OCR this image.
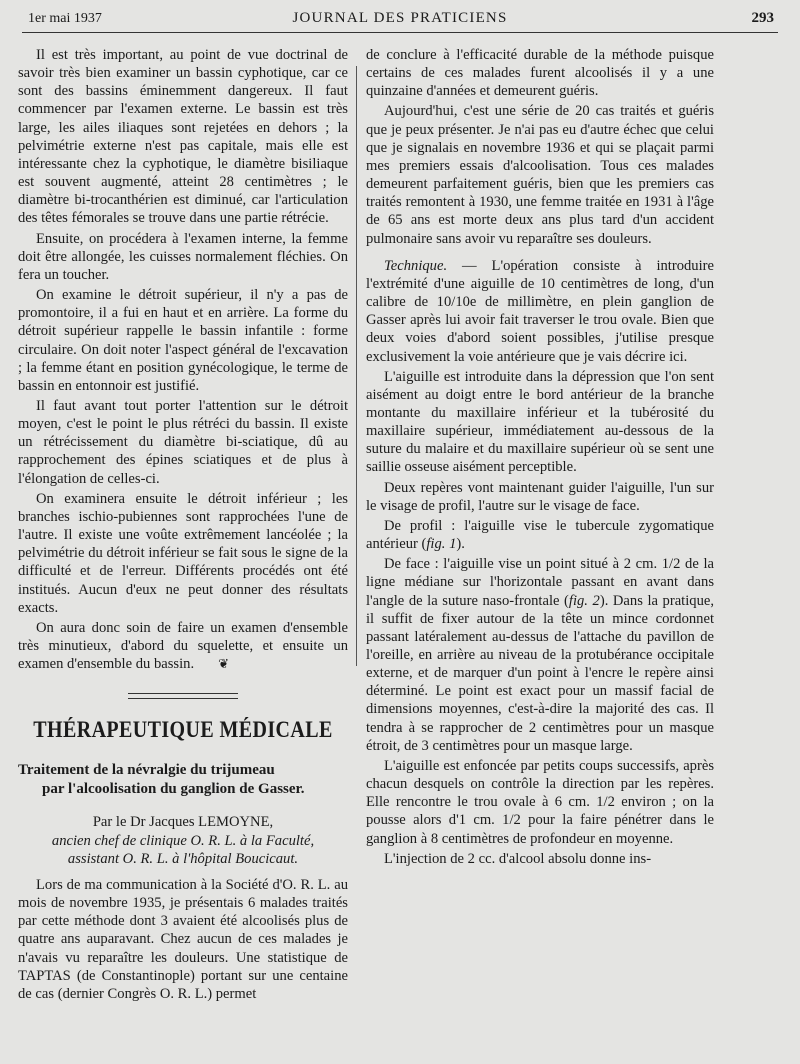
1er mai 1937	JOURNAL DES PRATICIENS	293

Il est très important, au point de vue doctrinal de savoir très bien examiner un bassin cyphotique, car ce sont des bassins éminemment dangereux. Il faut commencer par l'examen externe. Le bassin est très large, les ailes iliaques sont rejetées en dehors ; la pelvimétrie externe n'est pas capitale, mais elle est intéressante chez la cyphotique, le diamètre bisiliaque est souvent augmenté, atteint 28 centimètres ; le diamètre bi-trocanthérien est diminué, car l'articulation des têtes fémorales se trouve dans une partie rétrécie.

Ensuite, on procédera à l'examen interne, la femme doit être allongée, les cuisses normalement fléchies. On fera un toucher.

On examine le détroit supérieur, il n'y a pas de promontoire, il a fui en haut et en arrière. La forme du détroit supérieur rappelle le bassin infantile : forme circulaire. On doit noter l'aspect général de l'excavation ; la femme étant en position gynécologique, le terme de bassin en entonnoir est justifié.

Il faut avant tout porter l'attention sur le détroit moyen, c'est le point le plus rétréci du bassin. Il existe un rétrécissement du diamètre bi-sciatique, dû au rapprochement des épines sciatiques et de plus à l'élongation de celles-ci.

On examinera ensuite le détroit inférieur ; les branches ischio-pubiennes sont rapprochées l'une de l'autre. Il existe une voûte extrêmement lancéolée ; la pelvimétrie du détroit inférieur se fait sous le signe de la difficulté et de l'erreur. Différents procédés ont été institués. Aucun d'eux ne peut donner des résultats exacts.

On aura donc soin de faire un examen d'ensemble très minutieux, d'abord du squelette, et ensuite un examen d'ensemble du bassin. ❦

THÉRAPEUTIQUE MÉDICALE
Traitement de la névralgie du trijumeau
par l'alcoolisation du ganglion de Gasser.
Par le Dr Jacques LEMOYNE,
ancien chef de clinique O. R. L. à la Faculté,
assistant O. R. L. à l'hôpital Boucicaut.

Lors de ma communication à la Société d'O. R. L. au mois de novembre 1935, je présentais 6 malades traités par cette méthode dont 3 avaient été alcoolisés plus de quatre ans auparavant. Chez aucun de ces malades je n'avais vu reparaître les douleurs. Une statistique de TAPTAS (de Constantinople) portant sur une centaine de cas (dernier Congrès O. R. L.) permet

de conclure à l'efficacité durable de la méthode puisque certains de ces malades furent alcoolisés il y a une quinzaine d'années et demeurent guéris.

Aujourd'hui, c'est une série de 20 cas traités et guéris que je peux présenter. Je n'ai pas eu d'autre échec que celui que je signalais en novembre 1936 et qui se plaçait parmi mes premiers essais d'alcoolisation. Tous ces malades demeurent parfaitement guéris, bien que les premiers cas traités remontent à 1930, une femme traitée en 1931 à l'âge de 65 ans est morte deux ans plus tard d'un accident pulmonaire sans avoir vu reparaître ses douleurs.

Technique. — L'opération consiste à introduire l'extrémité d'une aiguille de 10 centimètres de long, d'un calibre de 10/10e de millimètre, en plein ganglion de Gasser après lui avoir fait traverser le trou ovale. Bien que deux voies d'abord soient possibles, j'utilise presque exclusivement la voie antérieure que je vais décrire ici.

L'aiguille est introduite dans la dépression que l'on sent aisément au doigt entre le bord antérieur de la branche montante du maxillaire inférieur et la tubérosité du maxillaire supérieur, immédiatement au-dessous de la suture du malaire et du maxillaire supérieur où se sent une saillie osseuse aisément perceptible.

Deux repères vont maintenant guider l'aiguille, l'un sur le visage de profil, l'autre sur le visage de face.

De profil : l'aiguille vise le tubercule zygomatique antérieur (fig. 1).

De face : l'aiguille vise un point situé à 2 cm. 1/2 de la ligne médiane sur l'horizontale passant en avant dans l'angle de la suture naso-frontale (fig. 2). Dans la pratique, il suffit de fixer autour de la tête un mince cordonnet passant latéralement au-dessus de l'attache du pavillon de l'oreille, en arrière au niveau de la protubérance occipitale externe, et de marquer d'un point à l'encre le repère ainsi déterminé. Le point est exact pour un massif facial de dimensions moyennes, c'est-à-dire la majorité des cas. Il tendra à se rapprocher de 2 centimètres pour un masque étroit, de 3 centimètres pour un masque large.

L'aiguille est enfoncée par petits coups successifs, après chacun desquels on contrôle la direction par les repères. Elle rencontre le trou ovale à 6 cm. 1/2 environ ; on la pousse alors d'1 cm. 1/2 pour la faire pénétrer dans le ganglion à 8 centimètres de profondeur en moyenne.

L'injection de 2 cc. d'alcool absolu donne ins-
